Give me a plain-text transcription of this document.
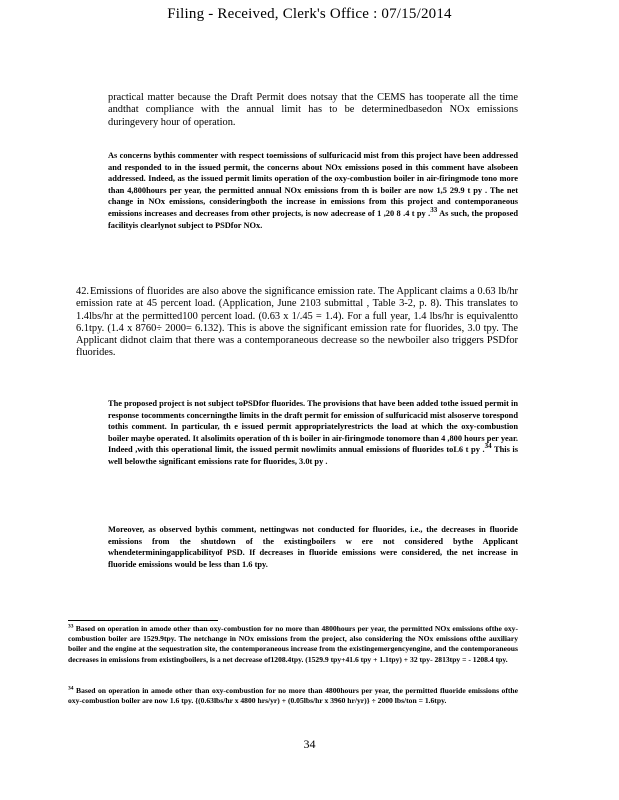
Filing - Received, Clerk's Office : 07/15/2014
practical matter because the Draft Permit does notsay that the CEMS has tooperate all the time andthat compliance with the annual limit has to be determinedbasedon NOx emissions duringevery hour of operation.
As concerns bythis commenter with respect toemissions of sulfuricacid mist from this project have been addressed and responded to in the issued permit, the concerns about NOx emissions posed in this comment have alsobeen addressed. Indeed, as the issued permit limits operation of the oxy-combustion boiler in air-firingmode tono more than 4,800hours per year, the permitted annual NOx emissions from th is boiler are now 1,5 29.9 t py . The net change in NOx emissions, consideringboth the increase in emissions from this project and contemporaneous emissions increases and decreases from other projects, is now adecrease of 1 ,20 8 .4 t py .$^{33}$ As such, the proposed facilityis clearlynot subject to PSDfor NOx.
42.Emissions of fluorides are also above the significance emission rate. The Applicant claims a 0.63 lb/hr emission rate at 45 percent load. (Application, June 2103 submittal , Table 3-2, p. 8). This translates to 1.4lbs/hr at the permitted100 percent load. (0.63 x 1/.45 = 1.4). For a full year, 1.4 lbs/hr is equivalentto 6.1tpy. (1.4 x 8760÷ 2000= 6.132). This is above the significant emission rate for fluorides, 3.0 tpy. The Applicant didnot claim that there was a contemporaneous decrease so the newboiler also triggers PSDfor fluorides.
The proposed project is not subject toPSDfor fluorides. The provisions that have been added tothe issued permit in response tocomments concerningthe limits in the draft permit for emission of sulfuricacid mist alsoserve torespond tothis comment. In particular, th e issued permit appropriatelyrestricts the load at which the oxy-combustion boiler maybe operated. It alsolimits operation of th is boiler in air-firingmode tonomore than 4 ,800 hours per year. Indeed ,with this operational limit, the issued permit nowlimits annual emissions of fluorides toL6 t py .$^{34}$ This is well belowthe significant emissions rate for fluorides, 3.0t py .
Moreover, as observed bythis comment, nettingwas not conducted for fluorides, i.e., the decreases in fluoride emissions from the shutdown of the existingboilers w ere not considered bythe Applicant whendeterminingapplicabilityof PSD. If decreases in fluoride emissions were considered, the net increase in fluoride emissions would be less than 1.6 tpy.
$^{33}$ Based on operation in amode other than oxy-combustion for no more than 4800hours per year, the permitted NOx emissions ofthe oxy-combustion boiler are 1529.9tpy. The netchange in NOx emissions from the project, also considering the NOx emissions ofthe auxiliary boiler and the engine at the sequestration site, the contemporaneous increase from the existingemergencyengine, and the contemporaneous decreases in emissions from existingboilers, is a net decrease of1208.4tpy. (1529.9 tpy+41.6 tpy + 1.1tpy) + 32 tpy- 2813tpy = - 1208.4 tpy.
$^{34}$ Based on operation in amode other than oxy-combustion for no more than 4800hours per year, the permitted fluoride emissions ofthe oxy-combustion boiler are now 1.6 tpy. {(0.63lbs/hr x 4800 hrs/yr) + (0.05lbs/hr x 3960 hr/yr)} ÷ 2000 lbs/ton = 1.6tpy.
34
